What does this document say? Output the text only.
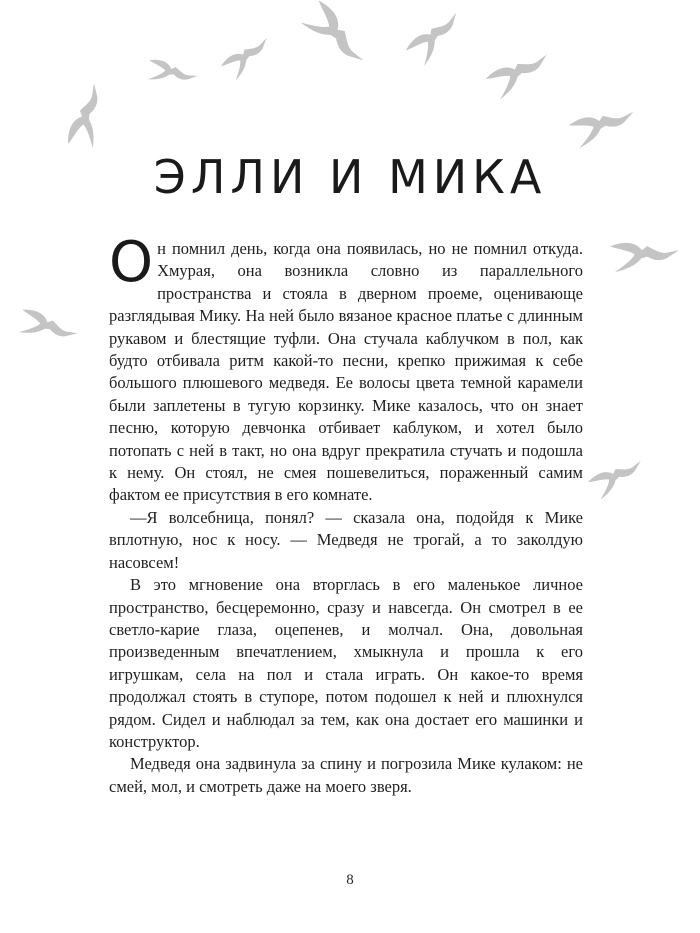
ЭЛЛИ И МИКА

Он помнил день, когда она появилась, но не помнил откуда. Хмурая, она возникла словно из параллельного пространства и стояла в дверном проеме, оценивающе разглядывая Мику. На ней было вязаное красное платье с длинным рукавом и блестящие туфли. Она стучала каблучком в пол, как будто отбивала ритм какой-то песни, крепко прижимая к себе большого плюшевого медведя. Ее волосы цвета темной карамели были заплетены в тугую корзинку. Мике казалось, что он знает песню, которую девчонка отбивает каблуком, и хотел было потопать с ней в такт, но она вдруг прекратила стучать и подошла к нему. Он стоял, не смея пошевелиться, пораженный самим фактом ее присутствия в его комнате.

—Я волсебница, понял? — сказала она, подойдя к Мике вплотную, нос к носу. — Медведя не трогай, а то заколдую насовсем!

В это мгновение она вторглась в его маленькое личное пространство, бесцеремонно, сразу и навсегда. Он смотрел в ее светло-карие глаза, оцепенев, и молчал. Она, довольная произведенным впечатлением, хмыкнула и прошла к его игрушкам, села на пол и стала играть. Он какое-то время продолжал стоять в ступоре, потом подошел к ней и плюхнулся рядом. Сидел и наблюдал за тем, как она достает его машинки и конструктор.

Медведя она задвинула за спину и погрозила Мике кулаком: не смей, мол, и смотреть даже на моего зверя.

8
